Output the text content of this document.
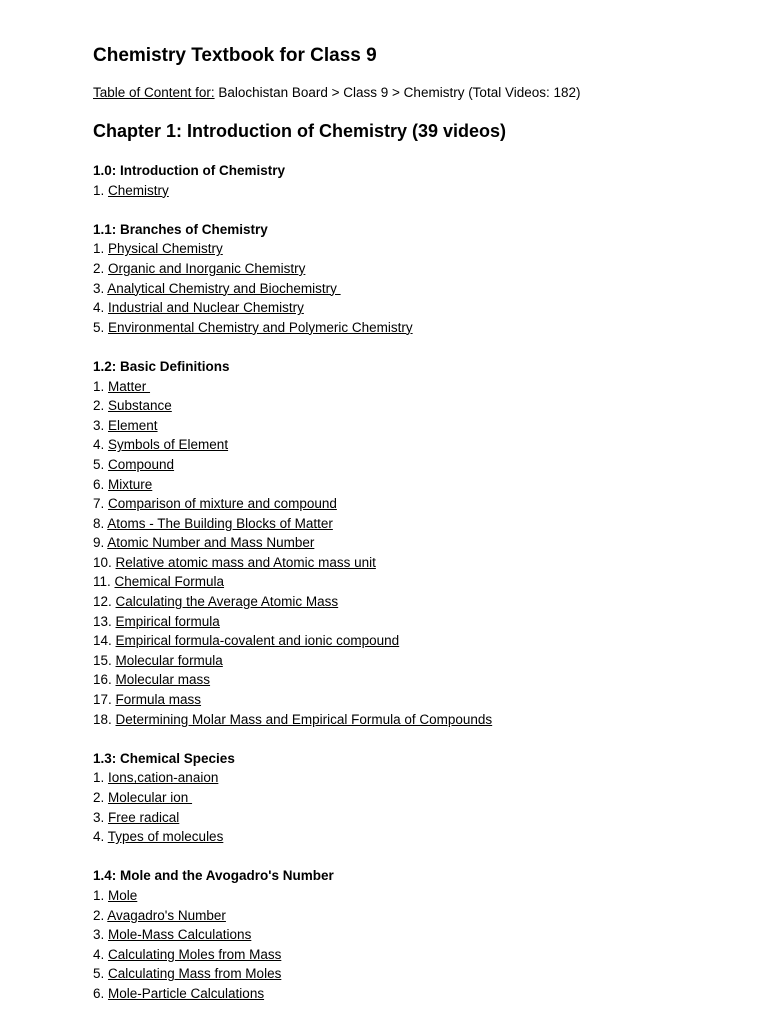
Chemistry Textbook for Class 9
Table of Content for: Balochistan Board > Class 9 > Chemistry (Total Videos: 182)
Chapter 1: Introduction of Chemistry (39 videos)
1.0: Introduction of Chemistry
1. Chemistry
1.1: Branches of Chemistry
1. Physical Chemistry
2. Organic and Inorganic Chemistry
3. Analytical Chemistry and Biochemistry
4. Industrial and Nuclear Chemistry
5. Environmental Chemistry and Polymeric Chemistry
1.2: Basic Definitions
1. Matter
2. Substance
3. Element
4. Symbols of Element
5. Compound
6. Mixture
7. Comparison of mixture and compound
8. Atoms - The Building Blocks of Matter
9. Atomic Number and Mass Number
10. Relative atomic mass and Atomic mass unit
11. Chemical Formula
12. Calculating the Average Atomic Mass
13. Empirical formula
14. Empirical formula-covalent and ionic compound
15. Molecular formula
16. Molecular mass
17. Formula mass
18. Determining Molar Mass and Empirical Formula of Compounds
1.3: Chemical Species
1. Ions,cation-anaion
2. Molecular ion
3. Free radical
4. Types of molecules
1.4: Mole and the Avogadro's Number
1. Mole
2. Avagadro's Number
3. Mole-Mass Calculations
4. Calculating Moles from Mass
5. Calculating Mass from Moles
6. Mole-Particle Calculations
